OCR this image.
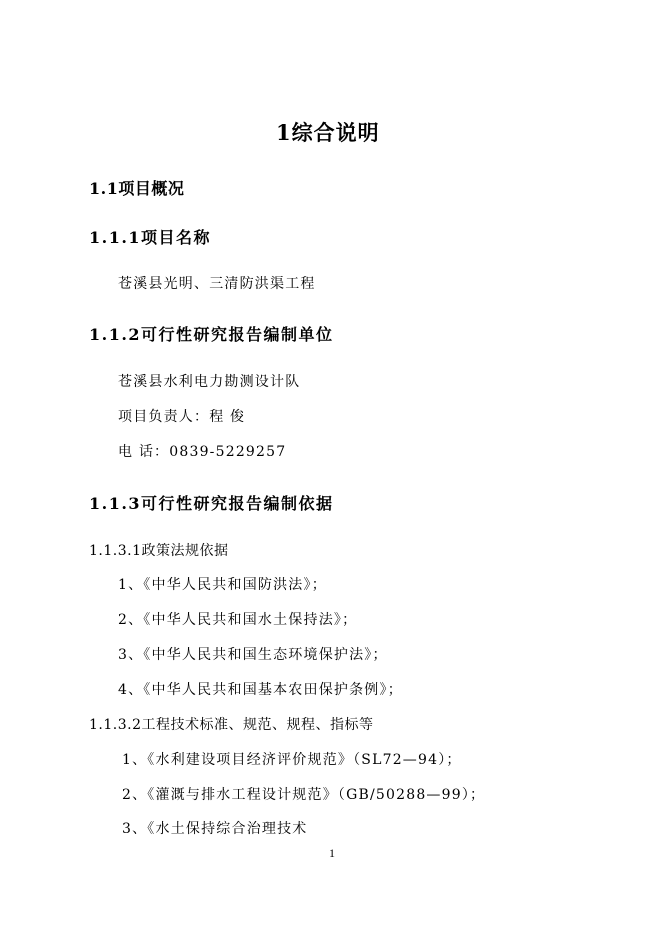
1综合说明
1.1项目概况
1.1.1项目名称
苍溪县光明、三清防洪渠工程
1.1.2可行性研究报告编制单位
苍溪县水利电力勘测设计队
项目负责人：程 俊
电 话：0839-5229257
1.1.3可行性研究报告编制依据
1.1.3.1政策法规依据
1、《中华人民共和国防洪法》；
2、《中华人民共和国水土保持法》；
3、《中华人民共和国生态环境保护法》；
4、《中华人民共和国基本农田保护条例》；
1.1.3.2工程技术标准、规范、规程、指标等
1、《水利建设项目经济评价规范》（SL72—94）；
2、《灌溉与排水工程设计规范》（GB/50288—99）；
3、《水土保持综合治理技术
1
